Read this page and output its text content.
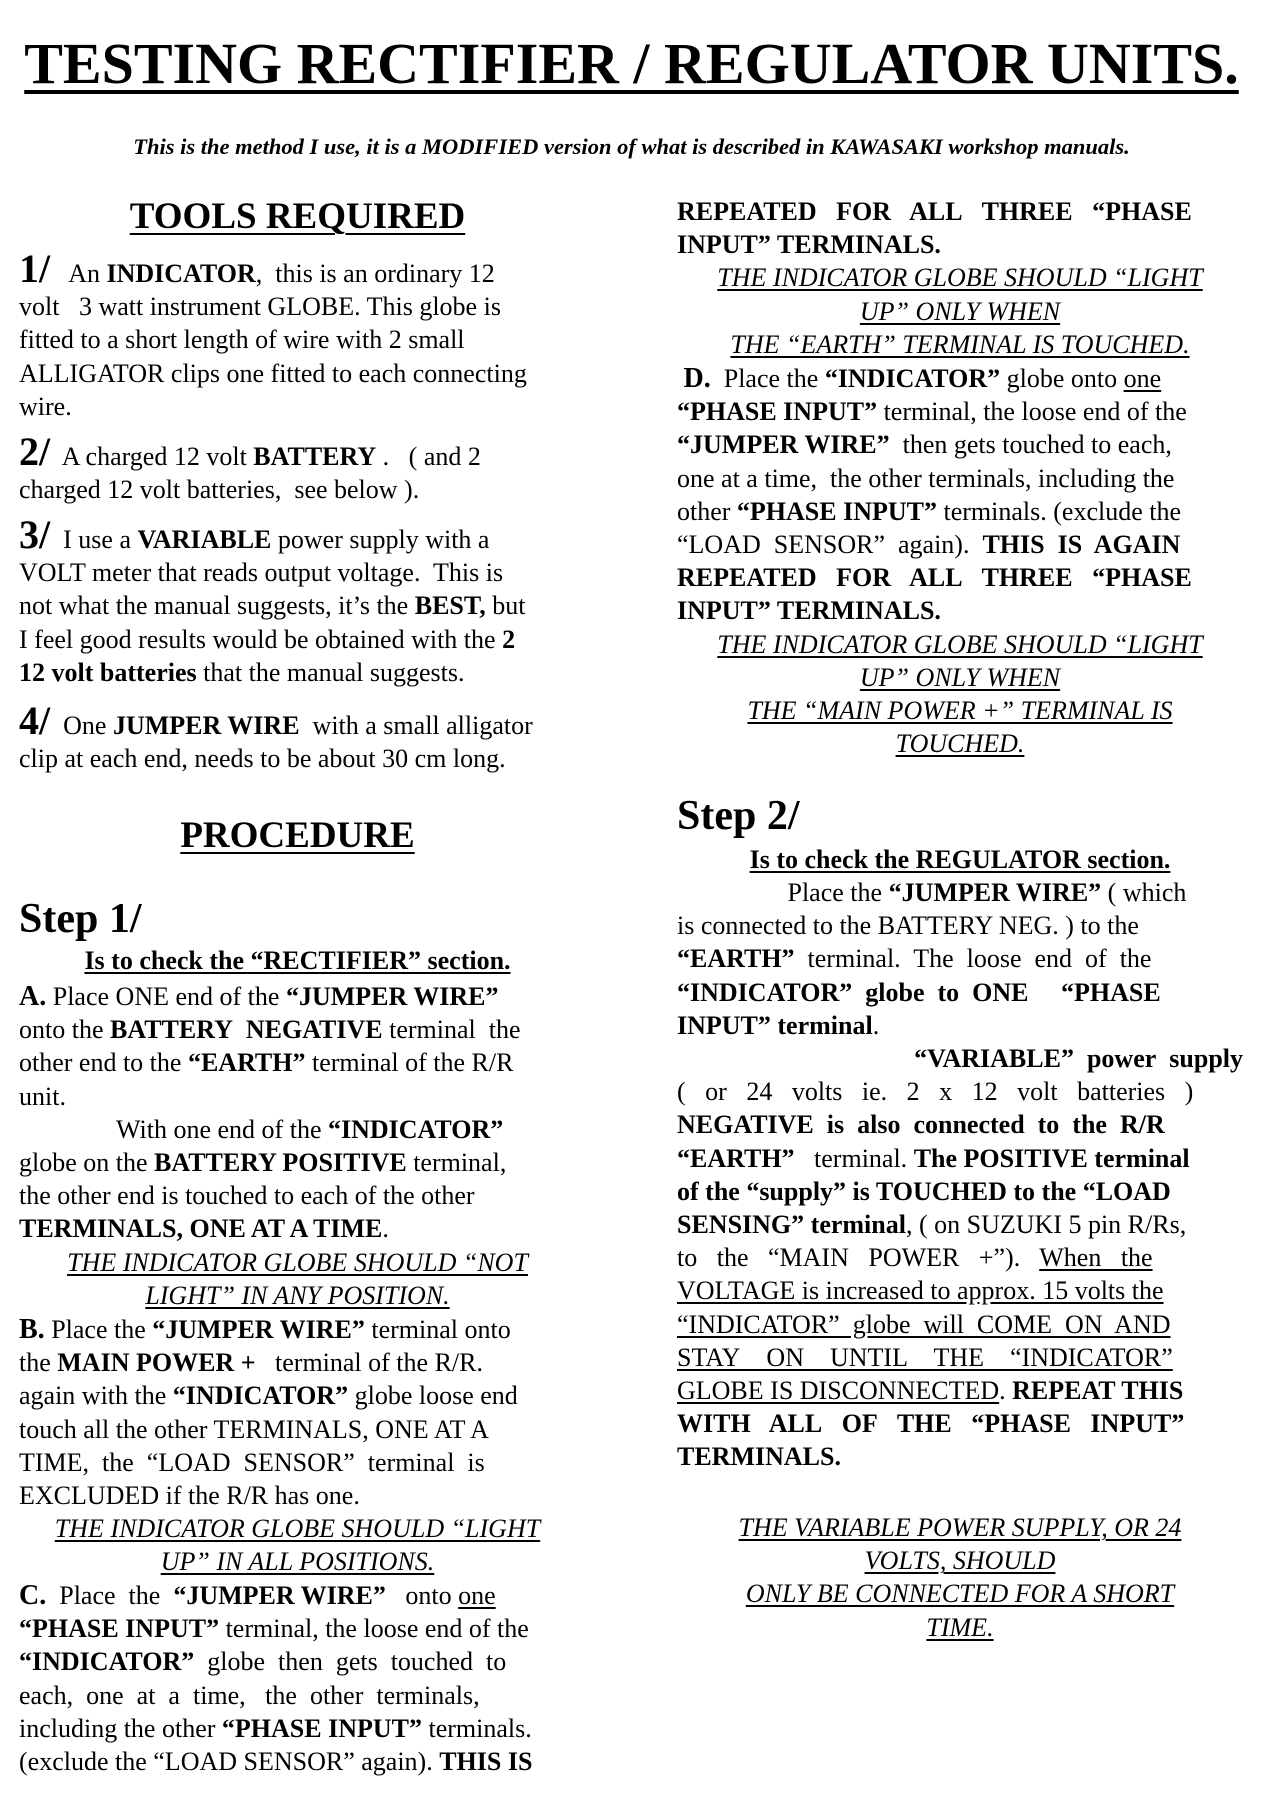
TESTING RECTIFIER / REGULATOR UNITS.
This is the method I use, it is a MODIFIED version of what is described in KAWASAKI workshop manuals.
TOOLS REQUIRED
1/   An INDICATOR,  this is an ordinary 12
volt   3 watt instrument GLOBE. This globe is
fitted to a short length of wire with 2 small
ALLIGATOR clips one fitted to each connecting
wire.
2/  A charged 12 volt BATTERY .   ( and 2
charged 12 volt batteries,  see below ).
3/  I use a VARIABLE power supply with a
VOLT meter that reads output voltage.  This is
not what the manual suggests, it’s the BEST, but
I feel good results would be obtained with the 2
12 volt batteries that the manual suggests.
4/  One JUMPER WIRE  with a small alligator
clip at each end, needs to be about 30 cm long.
PROCEDURE
Step 1/
Is to check the “RECTIFIER” section.
A. Place ONE end of the “JUMPER WIRE”
onto the BATTERY  NEGATIVE terminal  the
other end to the “EARTH” terminal of the R/R
unit.
With one end of the “INDICATOR”
globe on the BATTERY POSITIVE terminal,
the other end is touched to each of the other
TERMINALS, ONE AT A TIME.
THE INDICATOR GLOBE SHOULD “NOT
LIGHT” IN ANY POSITION.
B. Place the “JUMPER WIRE” terminal onto
the MAIN POWER +   terminal of the R/R.
again with the “INDICATOR” globe loose end
touch all the other TERMINALS, ONE AT A
TIME,  the  “LOAD  SENSOR”  terminal  is
EXCLUDED if the R/R has one.
THE INDICATOR GLOBE SHOULD “LIGHT
UP” IN ALL POSITIONS.
C.  Place  the  “JUMPER WIRE”   onto one
“PHASE INPUT” terminal, the loose end of the
“INDICATOR”  globe  then  gets  touched  to
each,  one  at  a  time,   the  other  terminals,
including the other “PHASE INPUT” terminals.
(exclude the “LOAD SENSOR” again). THIS IS
REPEATED   FOR   ALL   THREE   “PHASE
INPUT” TERMINALS.
THE INDICATOR GLOBE SHOULD “LIGHT
UP” ONLY WHEN
THE “EARTH” TERMINAL IS TOUCHED.
D.  Place the “INDICATOR” globe onto one
“PHASE INPUT” terminal, the loose end of the
“JUMPER WIRE”  then gets touched to each,
one at a time,  the other terminals, including the
other “PHASE INPUT” terminals. (exclude the
“LOAD  SENSOR”  again).  THIS  IS  AGAIN
REPEATED   FOR   ALL   THREE   “PHASE
INPUT” TERMINALS.
THE INDICATOR GLOBE SHOULD “LIGHT
UP” ONLY WHEN
THE “MAIN POWER +” TERMINAL IS
TOUCHED.
Step 2/
Is to check the REGULATOR section.
Place the “JUMPER WIRE” ( which
is connected to the BATTERY NEG. ) to the
“EARTH”  terminal.  The  loose  end  of  the
“INDICATOR”  globe  to  ONE     “PHASE
INPUT” terminal.
“VARIABLE”  power  supply
(   or   24   volts   ie.   2   x   12   volt   batteries   )
NEGATIVE  is  also  connected  to  the  R/R
“EARTH”   terminal. The POSITIVE terminal
of the “supply” is TOUCHED to the “LOAD
SENSING” terminal, ( on SUZUKI 5 pin R/Rs,
to   the   “MAIN   POWER   +”).   When   the
VOLTAGE is increased to approx. 15 volts the
“INDICATOR”  globe  will  COME  ON  AND
STAY    ON    UNTIL    THE    “INDICATOR”
GLOBE IS DISCONNECTED. REPEAT THIS
WITH   ALL   OF   THE   “PHASE   INPUT”
TERMINALS.
THE VARIABLE POWER SUPPLY, OR 24
VOLTS, SHOULD
ONLY BE CONNECTED FOR A SHORT
TIME.
